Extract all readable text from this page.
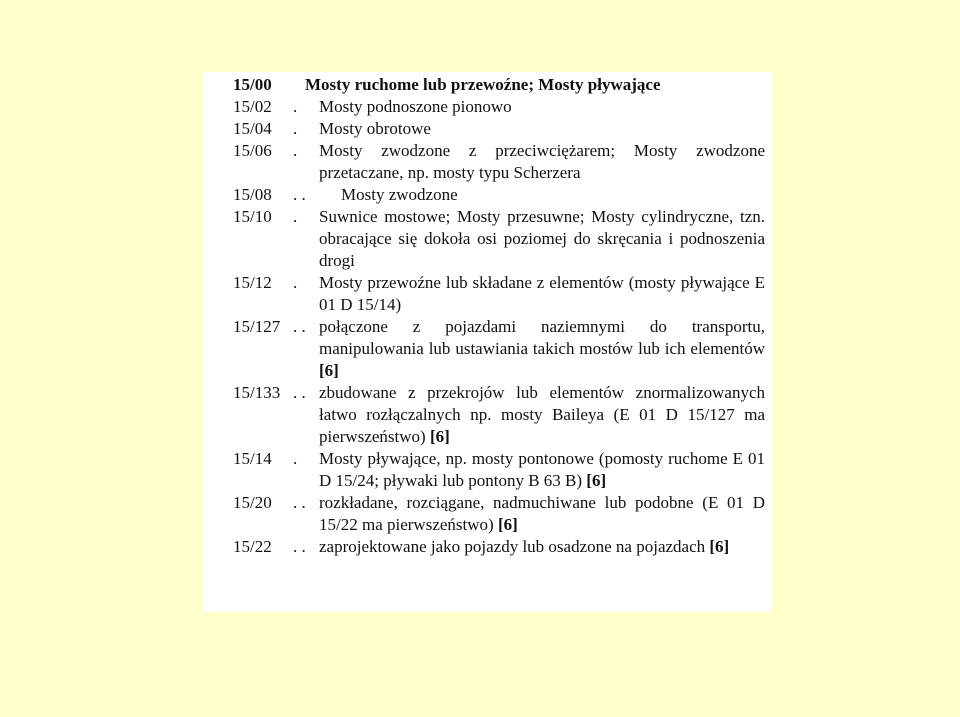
15/00	Mosty ruchome lub przewoźne; Mosty pływające
15/02	.	Mosty podnoszone pionowo
15/04	.	Mosty obrotowe
15/06	.	Mosty zwodzone z przeciwciężarem; Mosty zwodzone przetaczane, np. mosty typu Scherzera
15/08	. .	Mosty zwodzone
15/10	.	Suwnice mostowe; Mosty przesuwne; Mosty cylindryczne, tzn. obracające się dokoła osi poziomej do skręcania i podnoszenia drogi
15/12	.	Mosty przewoźne lub składane z elementów (mosty pływające E 01 D 15/14)
15/127 . . połączone z pojazdami naziemnymi do transportu, manipulowania lub ustawiania takich mostów lub ich elementów [6]
15/133 . . zbudowane z przekrojów lub elementów znormalizowanych łatwo rozłączalnych np. mosty Baileya (E 01 D 15/127 ma pierwszeństwo) [6]
15/14	.	Mosty pływające, np. mosty pontonowe (pomosty ruchome E 01 D 15/24; pływaki lub pontony B 63 B) [6]
15/20	. . rozkładane, rozciągane, nadmuchiwane lub podobne (E 01 D 15/22 ma pierwszeństwo) [6]
15/22	. . zaprojektowane jako pojazdy lub osadzone na pojazdach [6]
